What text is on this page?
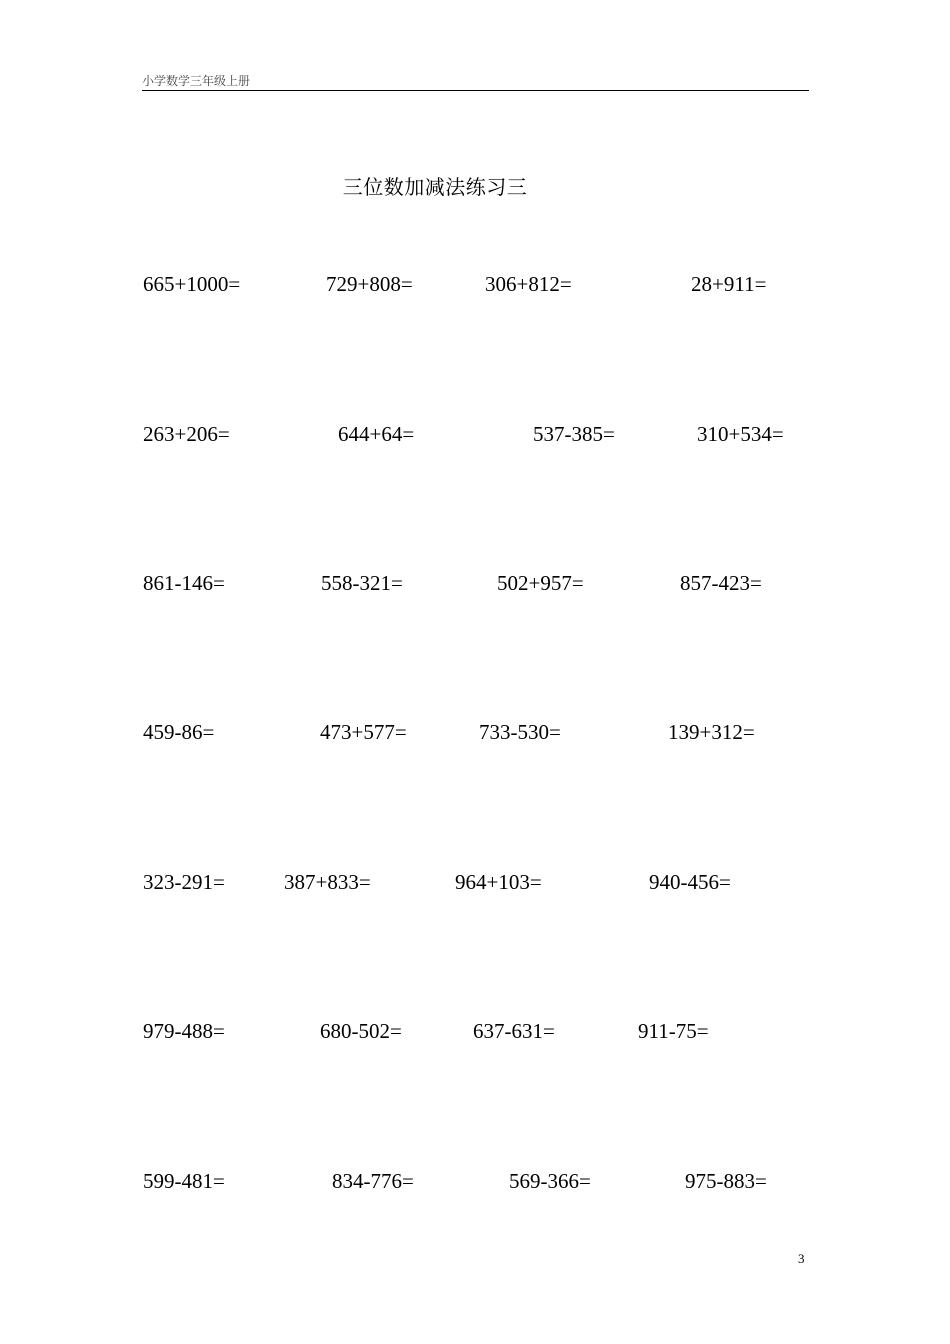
小学数学三年级上册
三位数加减法练习三
665+1000=	729+808=	306+812=	28+911=
263+206=	644+64=	537-385=	310+534=
861-146=	558-321=	502+957=	857-423=
459-86=	473+577=	733-530=	139+312=
323-291=	387+833=	964+103=	940-456=
979-488=	680-502=	637-631=	911-75=
599-481=	834-776=	569-366=	975-883=
3
